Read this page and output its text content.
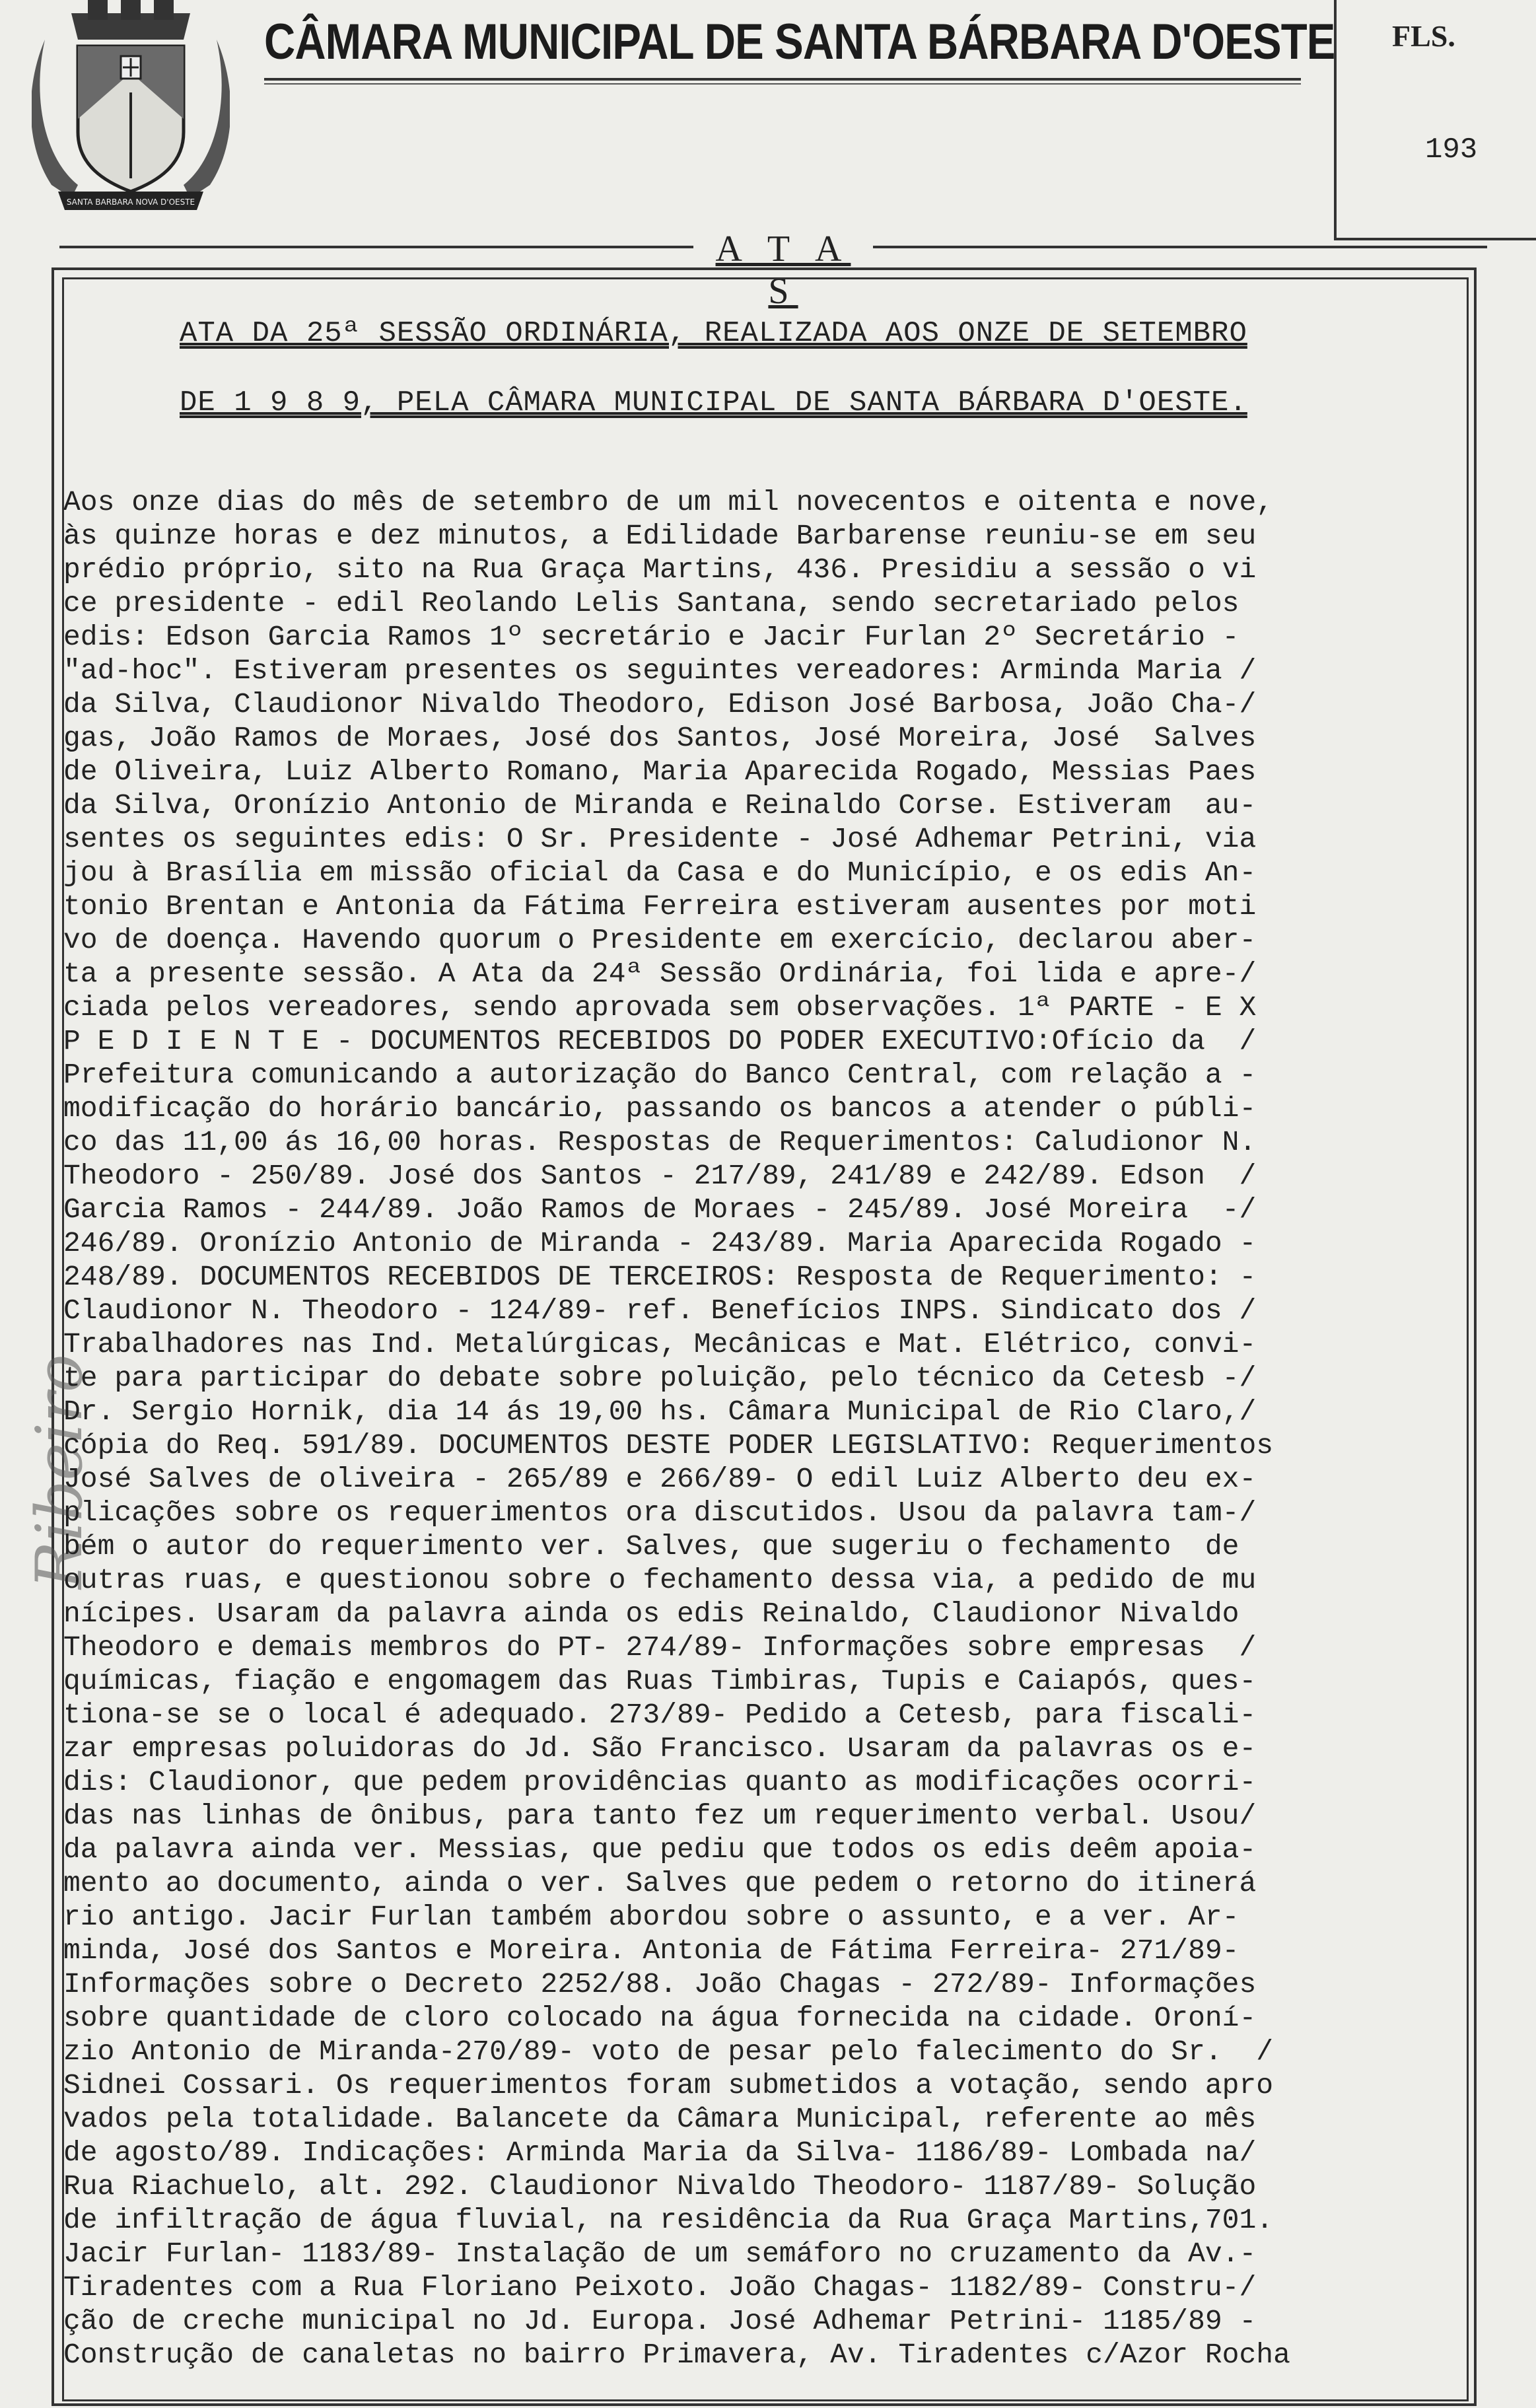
SANTA BARBARA NOVA D'OESTE
CÂMARA MUNICIPAL DE SANTA BÁRBARA D'OESTE FLS.
193
A T A S
ATA DA 25ª SESSÃO ORDINÁRIA, REALIZADA AOS ONZE DE SETEMBRO
DE 1 9 8 9, PELA CÂMARA MUNICIPAL DE SANTA BÁRBARA D'OESTE.
Ribeiro
Aos onze dias do mês de setembro de um mil novecentos e oitenta e nove,
às quinze horas e dez minutos, a Edilidade Barbarense reuniu-se em seu
prédio próprio, sito na Rua Graça Martins, 436. Presidiu a sessão o vi
ce presidente - edil Reolando Lelis Santana, sendo secretariado pelos
edis: Edson Garcia Ramos 1º secretário e Jacir Furlan 2º Secretário -
"ad-hoc". Estiveram presentes os seguintes vereadores: Arminda Maria /
da Silva, Claudionor Nivaldo Theodoro, Edison José Barbosa, João Cha-/
gas, João Ramos de Moraes, José dos Santos, José Moreira, José  Salves
de Oliveira, Luiz Alberto Romano, Maria Aparecida Rogado, Messias Paes
da Silva, Oronízio Antonio de Miranda e Reinaldo Corse. Estiveram  au-
sentes os seguintes edis: O Sr. Presidente - José Adhemar Petrini, via
jou à Brasília em missão oficial da Casa e do Município, e os edis An-
tonio Brentan e Antonia da Fátima Ferreira estiveram ausentes por moti
vo de doença. Havendo quorum o Presidente em exercício, declarou aber-
ta a presente sessão. A Ata da 24ª Sessão Ordinária, foi lida e apre-/
ciada pelos vereadores, sendo aprovada sem observações. 1ª PARTE - E X
P E D I E N T E - DOCUMENTOS RECEBIDOS DO PODER EXECUTIVO:Ofício da  /
Prefeitura comunicando a autorização do Banco Central, com relação a -
modificação do horário bancário, passando os bancos a atender o públi-
co das 11,00 ás 16,00 horas. Respostas de Requerimentos: Caludionor N.
Theodoro - 250/89. José dos Santos - 217/89, 241/89 e 242/89. Edson  /
Garcia Ramos - 244/89. João Ramos de Moraes - 245/89. José Moreira  -/
246/89. Oronízio Antonio de Miranda - 243/89. Maria Aparecida Rogado -
248/89. DOCUMENTOS RECEBIDOS DE TERCEIROS: Resposta de Requerimento: -
Claudionor N. Theodoro - 124/89- ref. Benefícios INPS. Sindicato dos /
Trabalhadores nas Ind. Metalúrgicas, Mecânicas e Mat. Elétrico, convi-
te para participar do debate sobre poluição, pelo técnico da Cetesb -/
Dr. Sergio Hornik, dia 14 ás 19,00 hs. Câmara Municipal de Rio Claro,/
cópia do Req. 591/89. DOCUMENTOS DESTE PODER LEGISLATIVO: Requerimentos
José Salves de oliveira - 265/89 e 266/89- O edil Luiz Alberto deu ex-
plicações sobre os requerimentos ora discutidos. Usou da palavra tam-/
bém o autor do requerimento ver. Salves, que sugeriu o fechamento  de
outras ruas, e questionou sobre o fechamento dessa via, a pedido de mu
nícipes. Usaram da palavra ainda os edis Reinaldo, Claudionor Nivaldo
Theodoro e demais membros do PT- 274/89- Informações sobre empresas  /
químicas, fiação e engomagem das Ruas Timbiras, Tupis e Caiapós, ques-
tiona-se se o local é adequado. 273/89- Pedido a Cetesb, para fiscali-
zar empresas poluidoras do Jd. São Francisco. Usaram da palavras os e-
dis: Claudionor, que pedem providências quanto as modificações ocorri-
das nas linhas de ônibus, para tanto fez um requerimento verbal. Usou/
da palavra ainda ver. Messias, que pediu que todos os edis deêm apoia-
mento ao documento, ainda o ver. Salves que pedem o retorno do itinerá
rio antigo. Jacir Furlan também abordou sobre o assunto, e a ver. Ar-
minda, José dos Santos e Moreira. Antonia de Fátima Ferreira- 271/89-
Informações sobre o Decreto 2252/88. João Chagas - 272/89- Informações
sobre quantidade de cloro colocado na água fornecida na cidade. Oroní-
zio Antonio de Miranda-270/89- voto de pesar pelo falecimento do Sr.  /
Sidnei Cossari. Os requerimentos foram submetidos a votação, sendo apro
vados pela totalidade. Balancete da Câmara Municipal, referente ao mês
de agosto/89. Indicações: Arminda Maria da Silva- 1186/89- Lombada na/
Rua Riachuelo, alt. 292. Claudionor Nivaldo Theodoro- 1187/89- Solução
de infiltração de água fluvial, na residência da Rua Graça Martins,701.
Jacir Furlan- 1183/89- Instalação de um semáforo no cruzamento da Av.-
Tiradentes com a Rua Floriano Peixoto. João Chagas- 1182/89- Constru-/
ção de creche municipal no Jd. Europa. José Adhemar Petrini- 1185/89 -
Construção de canaletas no bairro Primavera, Av. Tiradentes c/Azor Rocha
